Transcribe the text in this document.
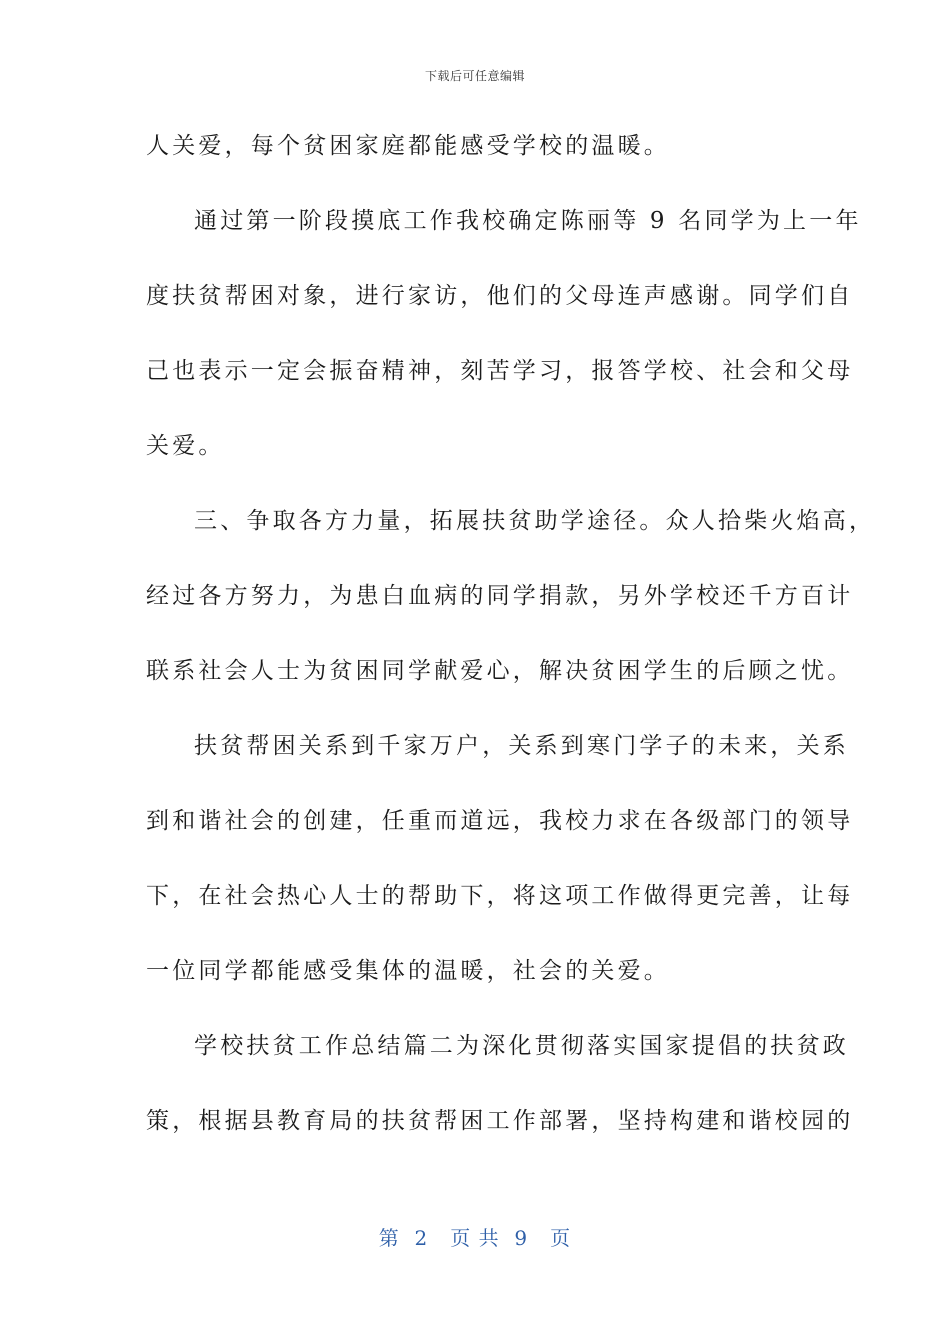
下载后可任意编辑
人关爱，每个贫困家庭都能感受学校的温暖。
通过第一阶段摸底工作我校确定陈丽等 9 名同学为上一年
度扶贫帮困对象，进行家访，他们的父母连声感谢。同学们自
己也表示一定会振奋精神，刻苦学习，报答学校、社会和父母
关爱。
三、争取各方力量，拓展扶贫助学途径。众人拾柴火焰高，
经过各方努力，为患白血病的同学捐款，另外学校还千方百计
联系社会人士为贫困同学献爱心，解决贫困学生的后顾之忧。
扶贫帮困关系到千家万户，关系到寒门学子的未来，关系
到和谐社会的创建，任重而道远，我校力求在各级部门的领导
下，在社会热心人士的帮助下，将这项工作做得更完善，让每
一位同学都能感受集体的温暖，社会的关爱。
学校扶贫工作总结篇二为深化贯彻落实国家提倡的扶贫政
策，根据县教育局的扶贫帮困工作部署，坚持构建和谐校园的
第  2   页 共  9   页
